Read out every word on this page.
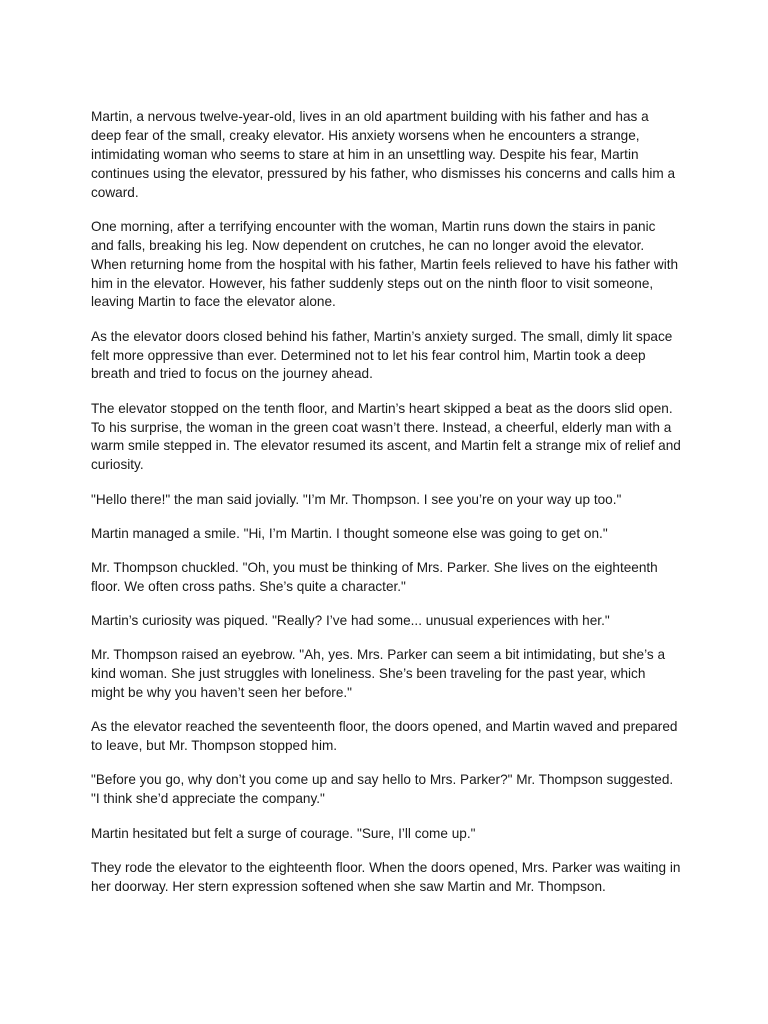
Martin, a nervous twelve-year-old, lives in an old apartment building with his father and has a deep fear of the small, creaky elevator. His anxiety worsens when he encounters a strange, intimidating woman who seems to stare at him in an unsettling way. Despite his fear, Martin continues using the elevator, pressured by his father, who dismisses his concerns and calls him a coward.

One morning, after a terrifying encounter with the woman, Martin runs down the stairs in panic and falls, breaking his leg. Now dependent on crutches, he can no longer avoid the elevator. When returning home from the hospital with his father, Martin feels relieved to have his father with him in the elevator. However, his father suddenly steps out on the ninth floor to visit someone, leaving Martin to face the elevator alone.

As the elevator doors closed behind his father, Martin’s anxiety surged. The small, dimly lit space felt more oppressive than ever. Determined not to let his fear control him, Martin took a deep breath and tried to focus on the journey ahead.

The elevator stopped on the tenth floor, and Martin’s heart skipped a beat as the doors slid open. To his surprise, the woman in the green coat wasn’t there. Instead, a cheerful, elderly man with a warm smile stepped in. The elevator resumed its ascent, and Martin felt a strange mix of relief and curiosity.

"Hello there!" the man said jovially. "I’m Mr. Thompson. I see you’re on your way up too."

Martin managed a smile. "Hi, I’m Martin. I thought someone else was going to get on."

Mr. Thompson chuckled. "Oh, you must be thinking of Mrs. Parker. She lives on the eighteenth floor. We often cross paths. She’s quite a character."

Martin’s curiosity was piqued. "Really? I’ve had some... unusual experiences with her."

Mr. Thompson raised an eyebrow. "Ah, yes. Mrs. Parker can seem a bit intimidating, but she’s a kind woman. She just struggles with loneliness. She’s been traveling for the past year, which might be why you haven’t seen her before."

As the elevator reached the seventeenth floor, the doors opened, and Martin waved and prepared to leave, but Mr. Thompson stopped him.

"Before you go, why don’t you come up and say hello to Mrs. Parker?" Mr. Thompson suggested. "I think she’d appreciate the company."

Martin hesitated but felt a surge of courage. "Sure, I’ll come up."

They rode the elevator to the eighteenth floor. When the doors opened, Mrs. Parker was waiting in her doorway. Her stern expression softened when she saw Martin and Mr. Thompson.
